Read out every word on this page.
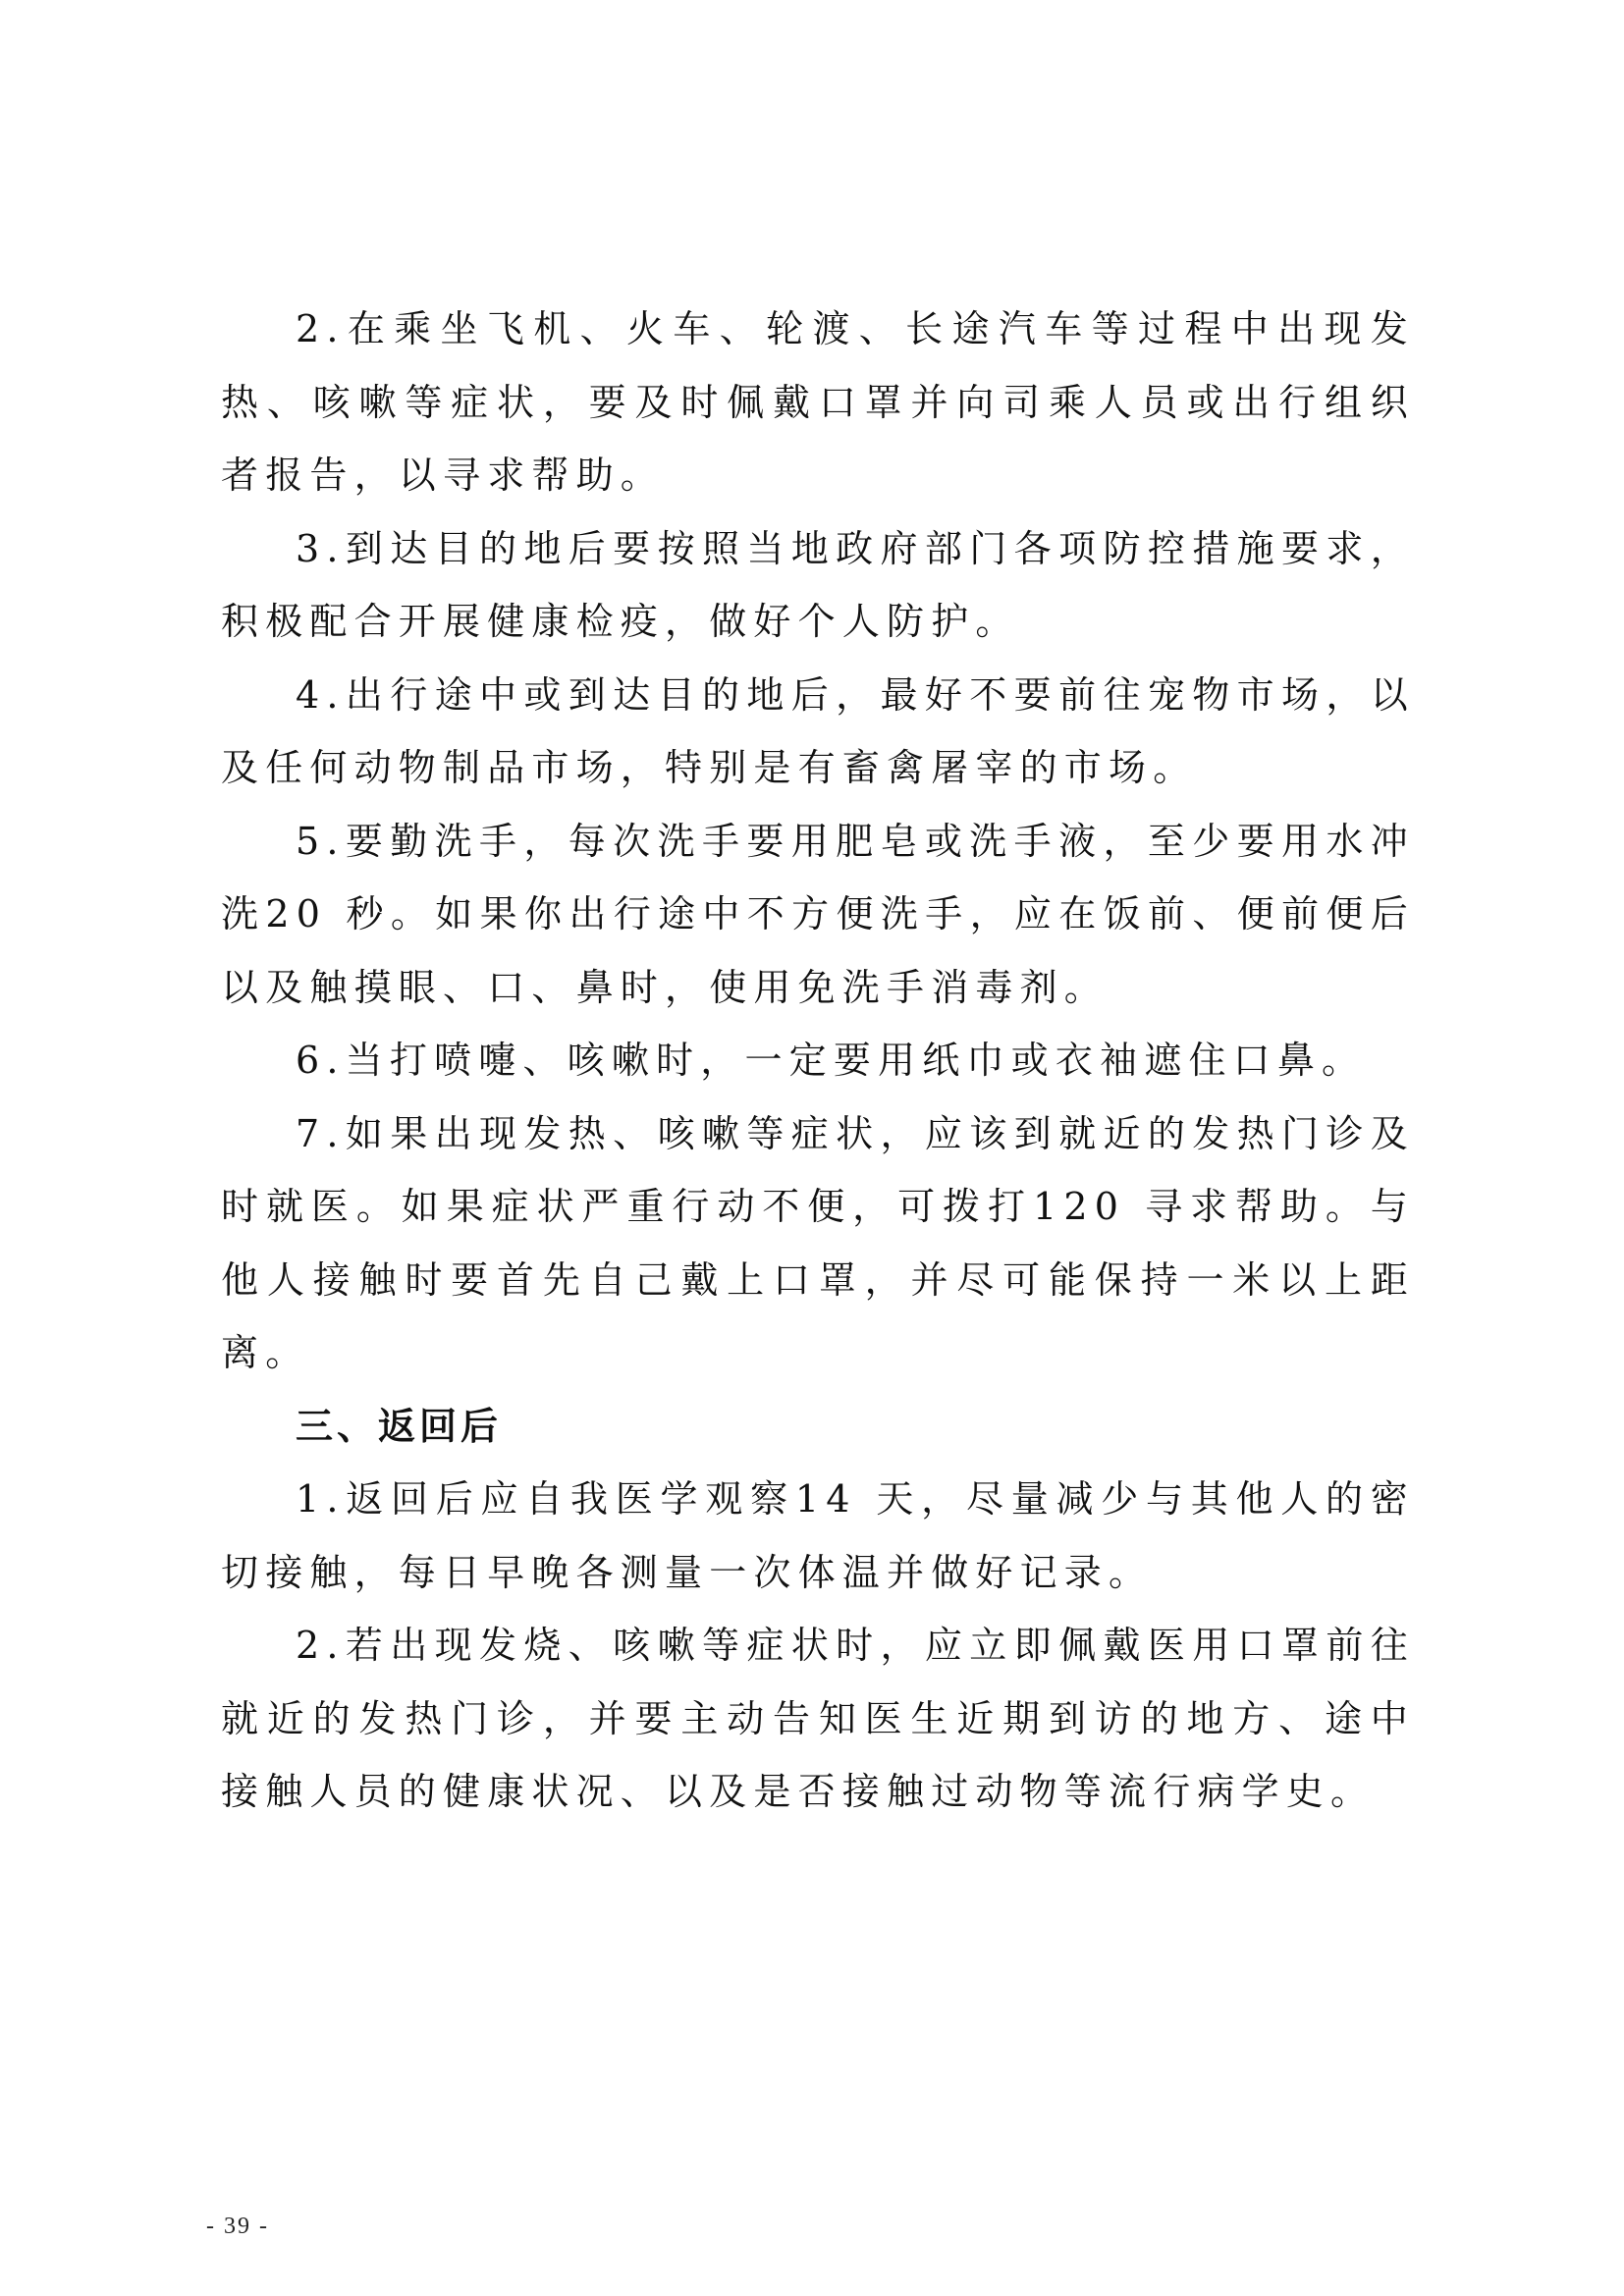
2.在乘坐飞机、火车、轮渡、长途汽车等过程中出现发热、咳嗽等症状，要及时佩戴口罩并向司乘人员或出行组织者报告，以寻求帮助。

3.到达目的地后要按照当地政府部门各项防控措施要求，积极配合开展健康检疫，做好个人防护。

4.出行途中或到达目的地后，最好不要前往宠物市场，以及任何动物制品市场，特别是有畜禽屠宰的市场。

5.要勤洗手，每次洗手要用肥皂或洗手液，至少要用水冲洗20 秒。如果你出行途中不方便洗手，应在饭前、便前便后以及触摸眼、口、鼻时，使用免洗手消毒剂。

6.当打喷嚏、咳嗽时，一定要用纸巾或衣袖遮住口鼻。

7.如果出现发热、咳嗽等症状，应该到就近的发热门诊及时就医。如果症状严重行动不便，可拨打120 寻求帮助。与他人接触时要首先自己戴上口罩，并尽可能保持一米以上距离。

三、返回后

1.返回后应自我医学观察14 天，尽量减少与其他人的密切接触，每日早晚各测量一次体温并做好记录。

2.若出现发烧、咳嗽等症状时，应立即佩戴医用口罩前往就近的发热门诊，并要主动告知医生近期到访的地方、途中接触人员的健康状况、以及是否接触过动物等流行病学史。

- 39 -
